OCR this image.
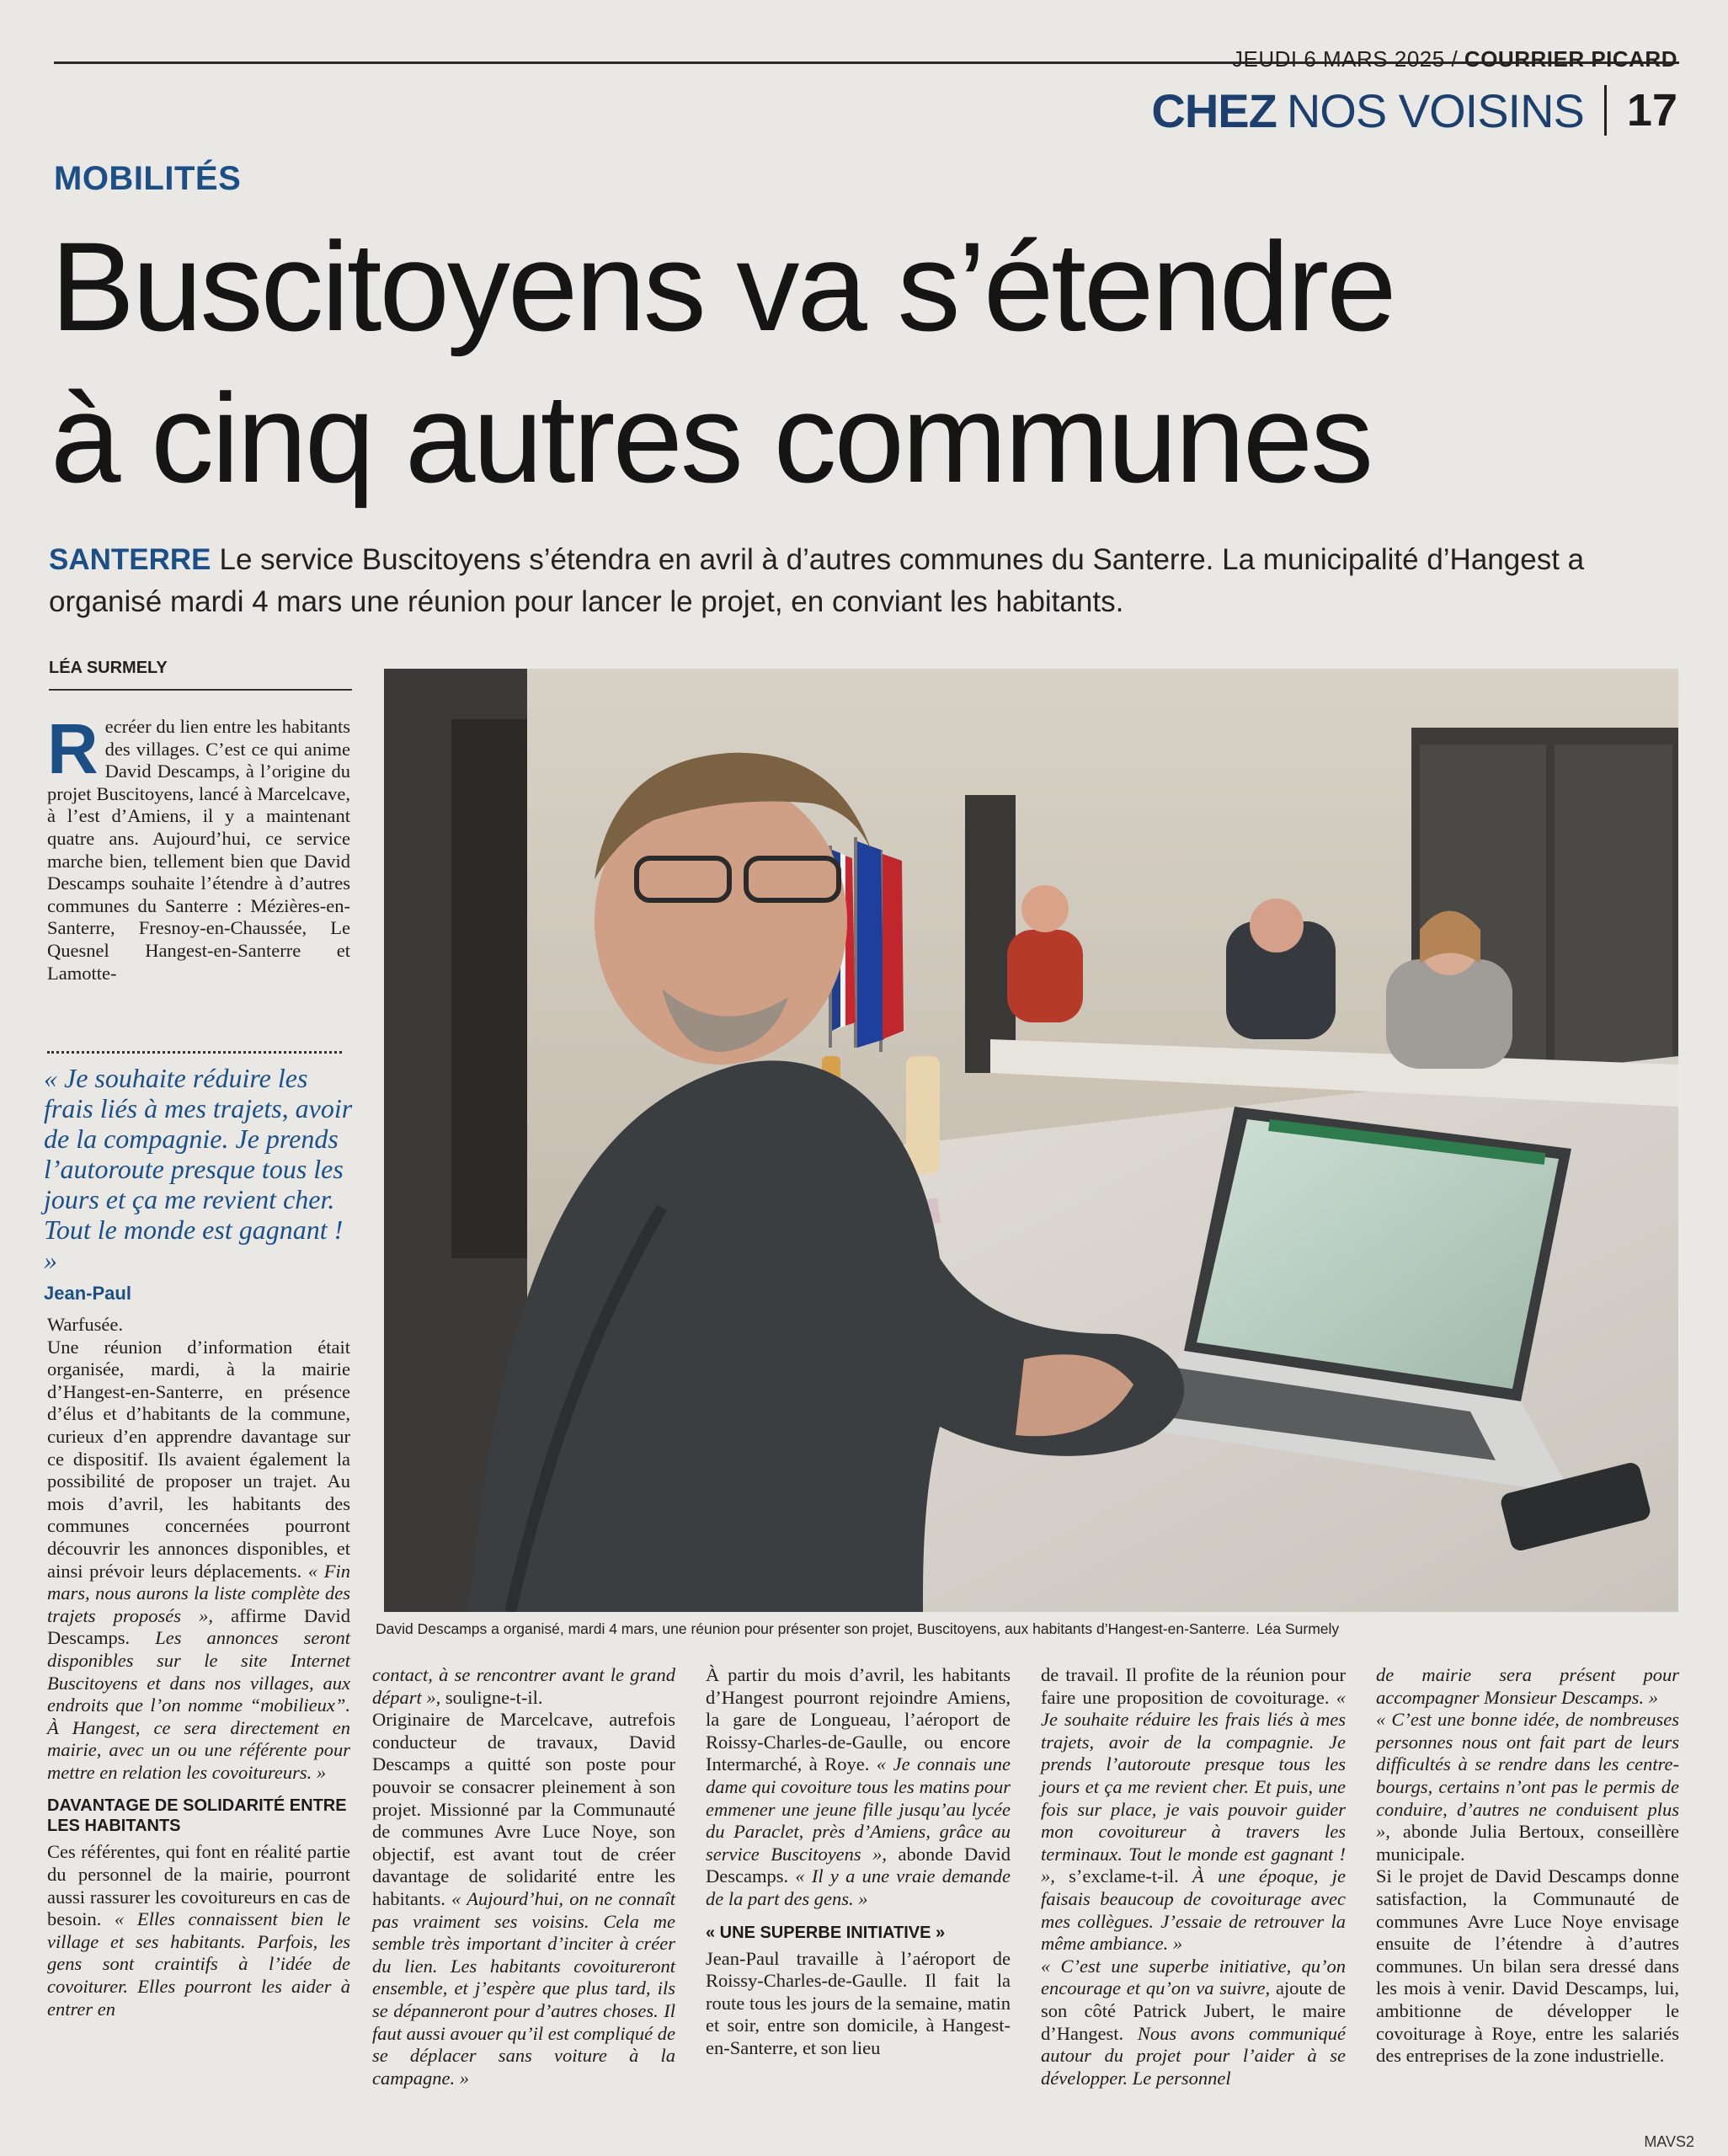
JEUDI 6 MARS 2025 / COURRIER PICARD
CHEZ NOS VOISINS 17
MOBILITÉS
Buscitoyens va s’étendre
à cinq autres communes
SANTERRE Le service Buscitoyens s’étendra en avril à d’autres communes du Santerre. La municipalité d’Hangest a organisé mardi 4 mars une réunion pour lancer le projet, en conviant les habitants.
LÉA SURMELY
Recréer du lien entre les habitants des villages. C’est ce qui anime David Descamps, à l’origine du projet Buscitoyens, lancé à Marcelcave, à l’est d’Amiens, il y a maintenant quatre ans. Aujourd’hui, ce service marche bien, tellement bien que David Descamps souhaite l’étendre à d’autres communes du Santerre : Mézières-en-Santerre, Fresnoy-en-Chaussée, Le Quesnel Hangest-en-Santerre et Lamotte-
« Je souhaite réduire les frais liés à mes trajets, avoir de la compagnie. Je prends l’autoroute presque tous les jours et ça me revient cher. Tout le monde est gagnant ! »
Jean-Paul

Warfusée.

Une réunion d’information était organisée, mardi, à la mairie d’Hangest-en-Santerre, en présence d’élus et d’habitants de la commune, curieux d’en apprendre davantage sur ce dispositif. Ils avaient également la possibilité de proposer un trajet. Au mois d’avril, les habitants des communes concernées pourront découvrir les annonces disponibles, et ainsi prévoir leurs déplacements. « Fin mars, nous aurons la liste complète des trajets proposés », affirme David Descamps. Les annonces seront disponibles sur le site Internet Buscitoyens et dans nos villages, aux endroits que l’on nomme “mobilieux”. À Hangest, ce sera directement en mairie, avec un ou une référente pour mettre en relation les covoitureurs. »

DAVANTAGE DE SOLIDARITÉ ENTRE LES HABITANTS

Ces référentes, qui font en réalité partie du personnel de la mairie, pourront aussi rassurer les covoitureurs en cas de besoin. « Elles connaissent bien le village et ses habitants. Parfois, les gens sont craintifs à l’idée de covoiturer. Elles pourront les aider à entrer en

David Descamps a organisé, mardi 4 mars, une réunion pour présenter son projet, Buscitoyens, aux habitants d’Hangest-en-Santerre. Léa Surmely

contact, à se rencontrer avant le grand départ », souligne-t-il.

Originaire de Marcelcave, autrefois conducteur de travaux, David Descamps a quitté son poste pour pouvoir se consacrer pleinement à son projet. Missionné par la Communauté de communes Avre Luce Noye, son objectif, est avant tout de créer davantage de solidarité entre les habitants. « Aujourd’hui, on ne connaît pas vraiment ses voisins. Cela me semble très important d’inciter à créer du lien. Les habitants covoitureront ensemble, et j’espère que plus tard, ils se dépanneront pour d’autres choses. Il faut aussi avouer qu’il est compliqué de se déplacer sans voiture à la campagne. »

À partir du mois d’avril, les habitants d’Hangest pourront rejoindre Amiens, la gare de Longueau, l’aéroport de Roissy-Charles-de-Gaulle, ou encore Intermarché, à Roye. « Je connais une dame qui covoiture tous les matins pour emmener une jeune fille jusqu’au lycée du Paraclet, près d’Amiens, grâce au service Buscitoyens », abonde David Descamps. « Il y a une vraie demande de la part des gens. »

« UNE SUPERBE INITIATIVE »

Jean-Paul travaille à l’aéroport de Roissy-Charles-de-Gaulle. Il fait la route tous les jours de la semaine, matin et soir, entre son domicile, à Hangest-en-Santerre, et son lieu

de travail. Il profite de la réunion pour faire une proposition de covoiturage. « Je souhaite réduire les frais liés à mes trajets, avoir de la compagnie. Je prends l’autoroute presque tous les jours et ça me revient cher. Et puis, une fois sur place, je vais pouvoir guider mon covoitureur à travers les terminaux. Tout le monde est gagnant ! », s’exclame-t-il. À une époque, je faisais beaucoup de covoiturage avec mes collègues. J’essaie de retrouver la même ambiance. »

« C’est une superbe initiative, qu’on encourage et qu’on va suivre, ajoute de son côté Patrick Jubert, le maire d’Hangest. Nous avons communiqué autour du projet pour l’aider à se développer. Le personnel

de mairie sera présent pour accompagner Monsieur Descamps. »

« C’est une bonne idée, de nombreuses personnes nous ont fait part de leurs difficultés à se rendre dans les centre-bourgs, certains n’ont pas le permis de conduire, d’autres ne conduisent plus », abonde Julia Bertoux, conseillère municipale.

Si le projet de David Descamps donne satisfaction, la Communauté de communes Avre Luce Noye envisage ensuite de l’étendre à d’autres communes. Un bilan sera dressé dans les mois à venir. David Descamps, lui, ambitionne de développer le covoiturage à Roye, entre les salariés des entreprises de la zone industrielle.

MAVS2
